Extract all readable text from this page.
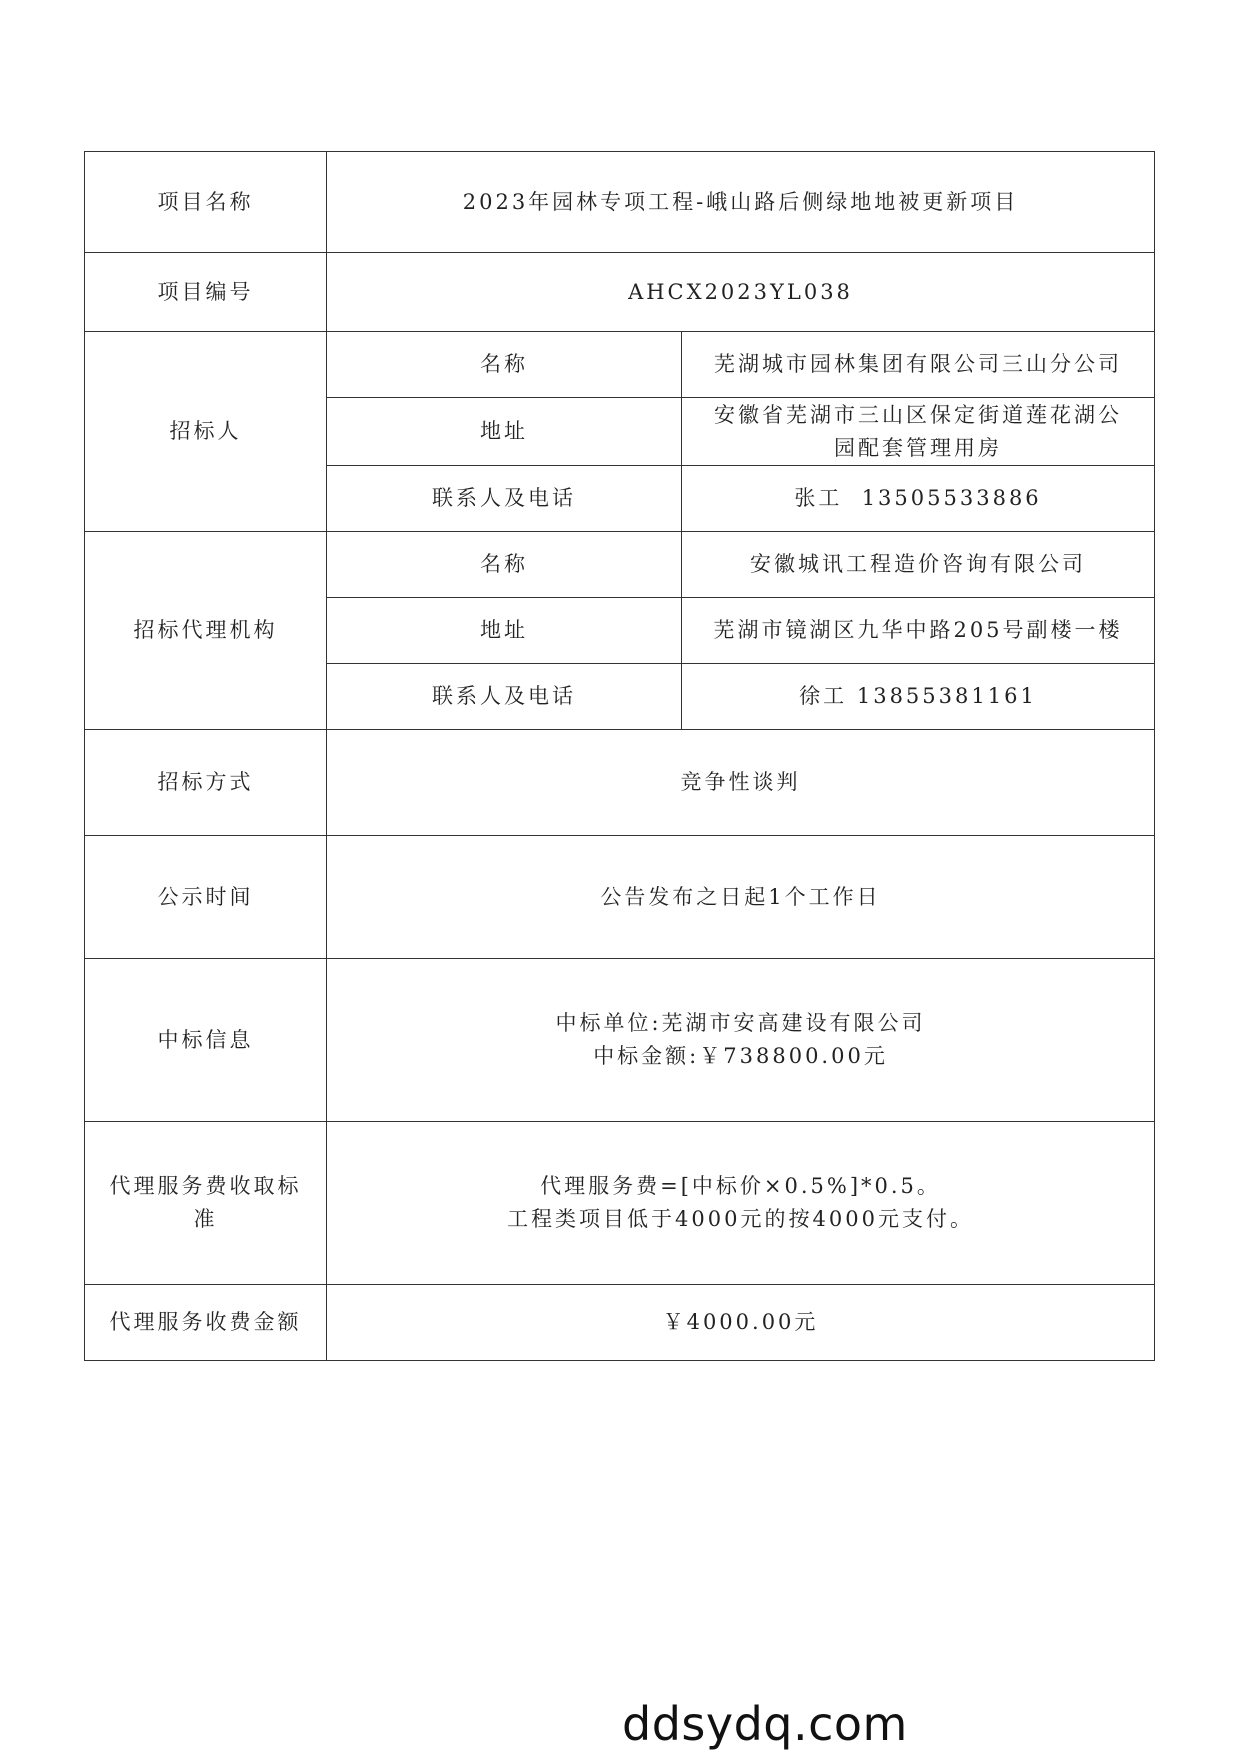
项目名称	2023年园林专项工程-峨山路后侧绿地地被更新项目	
项目编号	AHCX2023YL038	
招标人	名称	芜湖城市园林集团有限公司三山分公司
	地址	安徽省芜湖市三山区保定街道莲花湖公
园配套管理用房

	联系人及电话	张工  13505533886
招标代理机构	名称	安徽城讯工程造价咨询有限公司
	地址	芜湖市镜湖区九华中路205号副楼一楼
	联系人及电话	徐工 13855381161
招标方式	竞争性谈判	
公示时间	公告发布之日起1个工作日	
中标信息	中标单位:芜湖市安高建设有限公司
中标金额:￥738800.00元	

代理服务费收取标
准	代理服务费=[中标价×0.5%]*0.5。
工程类项目低于4000元的按4000元支付。	

代理服务收费金额	￥4000.00元	
ddsydq.com
